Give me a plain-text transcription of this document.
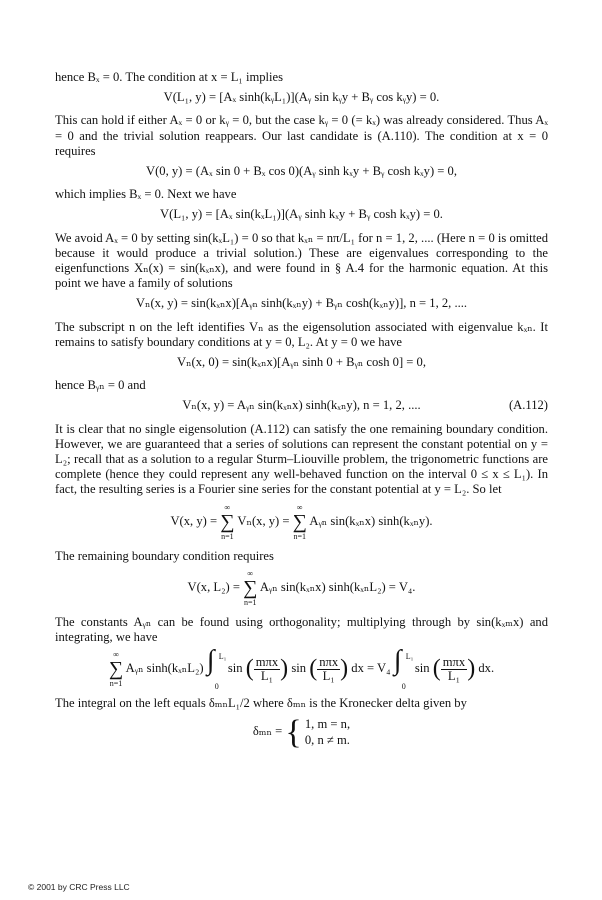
hence Bₓ = 0. The condition at x = L₁ implies

V(L₁, y) = [Aₓ sinh(kᵧL₁)](Aᵧ sin kᵧy + Bᵧ cos kᵧy) = 0.

This can hold if either Aₓ = 0 or kᵧ = 0, but the case kᵧ = 0 (= kₓ) was already considered. Thus Aₓ = 0 and the trivial solution reappears. Our last candidate is (A.110). The condition at x = 0 requires

V(0, y) = (Aₓ sin 0 + Bₓ cos 0)(Aᵧ sinh kₓy + Bᵧ cosh kₓy) = 0,

which implies Bₓ = 0. Next we have

V(L₁, y) = [Aₓ sin(kₓL₁)](Aᵧ sinh kₓy + Bᵧ cosh kₓy) = 0.

We avoid Aₓ = 0 by setting sin(kₓL₁) = 0 so that kₓₙ = nπ/L₁ for n = 1, 2, .... (Here n = 0 is omitted because it would produce a trivial solution.) These are eigenvalues corresponding to the eigenfunctions Xₙ(x) = sin(kₓₙx), and were found in § A.4 for the harmonic equation. At this point we have a family of solutions

Vₙ(x, y) = sin(kₓₙx)[Aᵧₙ sinh(kₓₙy) + Bᵧₙ cosh(kₓₙy)], n = 1, 2, ....

The subscript n on the left identifies Vₙ as the eigensolution associated with eigenvalue kₓₙ. It remains to satisfy boundary conditions at y = 0, L₂. At y = 0 we have

Vₙ(x, 0) = sin(kₓₙx)[Aᵧₙ sinh 0 + Bᵧₙ cosh 0] = 0,

hence Bᵧₙ = 0 and

Vₙ(x, y) = Aᵧₙ sin(kₓₙx) sinh(kₓₙy), n = 1, 2, ....	(A.112)

It is clear that no single eigensolution (A.112) can satisfy the one remaining boundary condition. However, we are guaranteed that a series of solutions can represent the constant potential on y = L₂; recall that as a solution to a regular Sturm–Liouville problem, the trigonometric functions are complete (hence they could represent any well-behaved function on the interval 0 ≤ x ≤ L₁). In fact, the resulting series is a Fourier sine series for the constant potential at y = L₂. So let

V(x, y) =
∞
∑
n=1
Vₙ(x, y) =
∞
∑
n=1
Aᵧₙ sin(kₓₙx) sinh(kₓₙy).

The remaining boundary condition requires

V(x, L₂) =
∞
∑
n=1
Aᵧₙ sin(kₓₙx) sinh(kₓₙL₂) = V₄.

The constants Aᵧₙ can be found using orthogonality; multiplying through by sin(kₓₘx) and integrating, we have

∞
∑
n=1
Aᵧₙ sinh(kₓₙL₂) ∫ L₁
0
sin ( $\frac{\text{mπx}}{\text{L₁}}$ ) sin ( $\frac{\text{nπx}}{\text{L₁}}$ ) dx = V₄ ∫ L₁
0
sin ( $\frac{\text{mπx}}{\text{L₁}}$ ) dx.

The integral on the left equals δₘₙL₁/2 where δₘₙ is the Kronecker delta given by

δₘₙ = { 1, m = n,
0, n ≠ m.
© 2001 by CRC Press LLC
